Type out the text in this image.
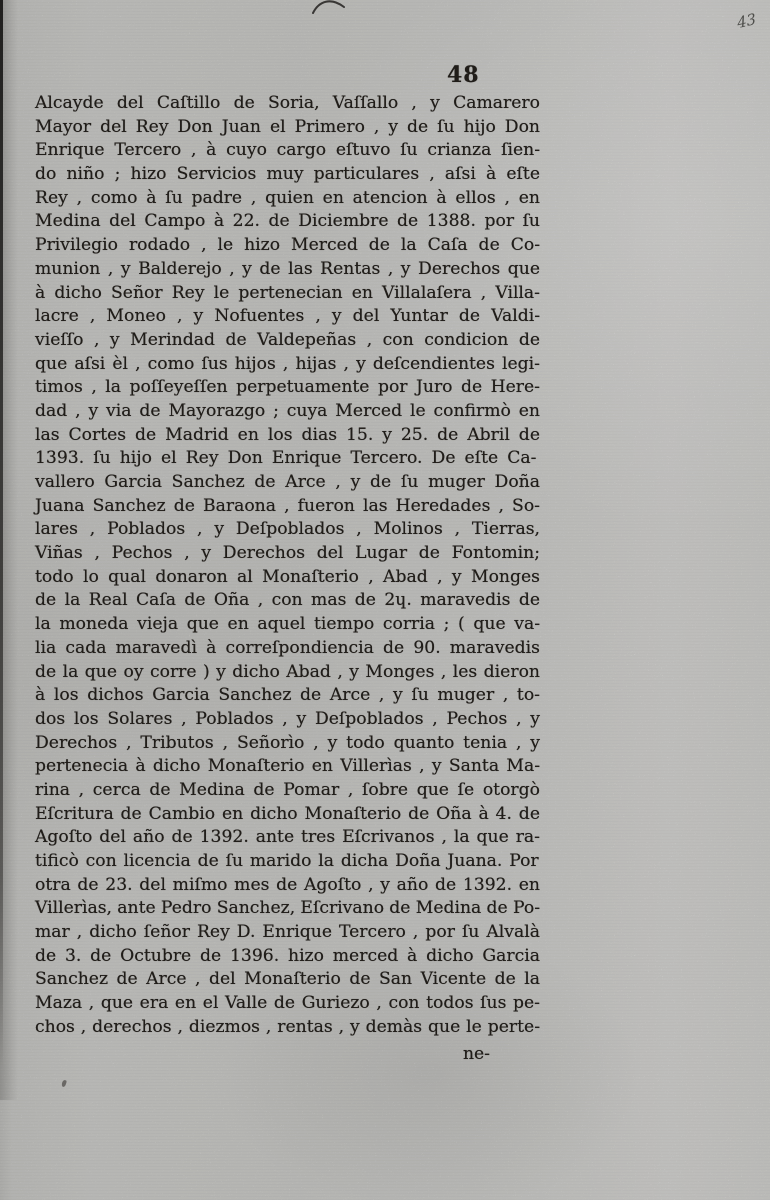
43
48
Alcayde del Caſtillo de Soria, Vaſſallo , y Camarero
Mayor del Rey Don Juan el Primero , y de ſu hijo Don
Enrique Tercero , à cuyo cargo eſtuvo ſu crianza ſien-
do niño ; hizo Servicios muy particulares , aſsi à eſte
Rey , como à ſu padre , quien en atencion à ellos , en
Medina del Campo à 22. de Diciembre de 1388. por ſu
Privilegio rodado , le hizo Merced de la Caſa de Co-
munion , y Balderejo , y de las Rentas , y Derechos que
à dicho Señor Rey le pertenecian en Villalaſera , Villa-
lacre , Moneo , y Nofuentes , y del Yuntar de Valdi-
vieſſo , y Merindad de Valdepeñas , con condicion de
que aſsi èl , como ſus hijos , hijas , y deſcendientes legi-
timos , la poſſeyeſſen perpetuamente por Juro de Here-
dad , y via de Mayorazgo ; cuya Merced le confirmò en
las Cortes de Madrid en los dias 15. y 25. de Abril de
1393. ſu hijo el Rey Don Enrique Tercero. De eſte Ca-
vallero Garcia Sanchez de Arce , y de ſu muger Doña
Juana Sanchez de Baraona , fueron las Heredades , So-
lares , Poblados , y Deſpoblados , Molinos , Tierras,
Viñas , Pechos , y Derechos del Lugar de Fontomin;
todo lo qual donaron al Monaſterio , Abad , y Monges
de la Real Caſa de Oña , con mas de 2ɥ. maravedis de
la moneda vieja que en aquel tiempo corria ; ( que va-
lia cada maravedì à correſpondiencia de 90. maravedis
de la que oy corre ) y dicho Abad , y Monges , les dieron
à los dichos Garcia Sanchez de Arce , y ſu muger , to-
dos los Solares , Poblados , y Deſpoblados , Pechos , y
Derechos , Tributos , Señorìo , y todo quanto tenia , y
pertenecia à dicho Monaſterio en Villerìas , y Santa Ma-
rina , cerca de Medina de Pomar , ſobre que ſe otorgò
Eſcritura de Cambio en dicho Monaſterio de Oña à 4. de
Agoſto del año de 1392. ante tres Eſcrivanos , la que ra-
tificò con licencia de ſu marido la dicha Doña Juana. Por
otra de 23. del miſmo mes de Agoſto , y año de 1392. en
Villerìas, ante Pedro Sanchez, Eſcrivano de Medina de Po-
mar , dicho ſeñor Rey D. Enrique Tercero , por ſu Alvalà
de 3. de Octubre de 1396. hizo merced à dicho Garcia
Sanchez de Arce , del Monaſterio de San Vicente de la
Maza , que era en el Valle de Guriezo , con todos ſus pe-
chos , derechos , diezmos , rentas , y demàs que le perte-
ne-
